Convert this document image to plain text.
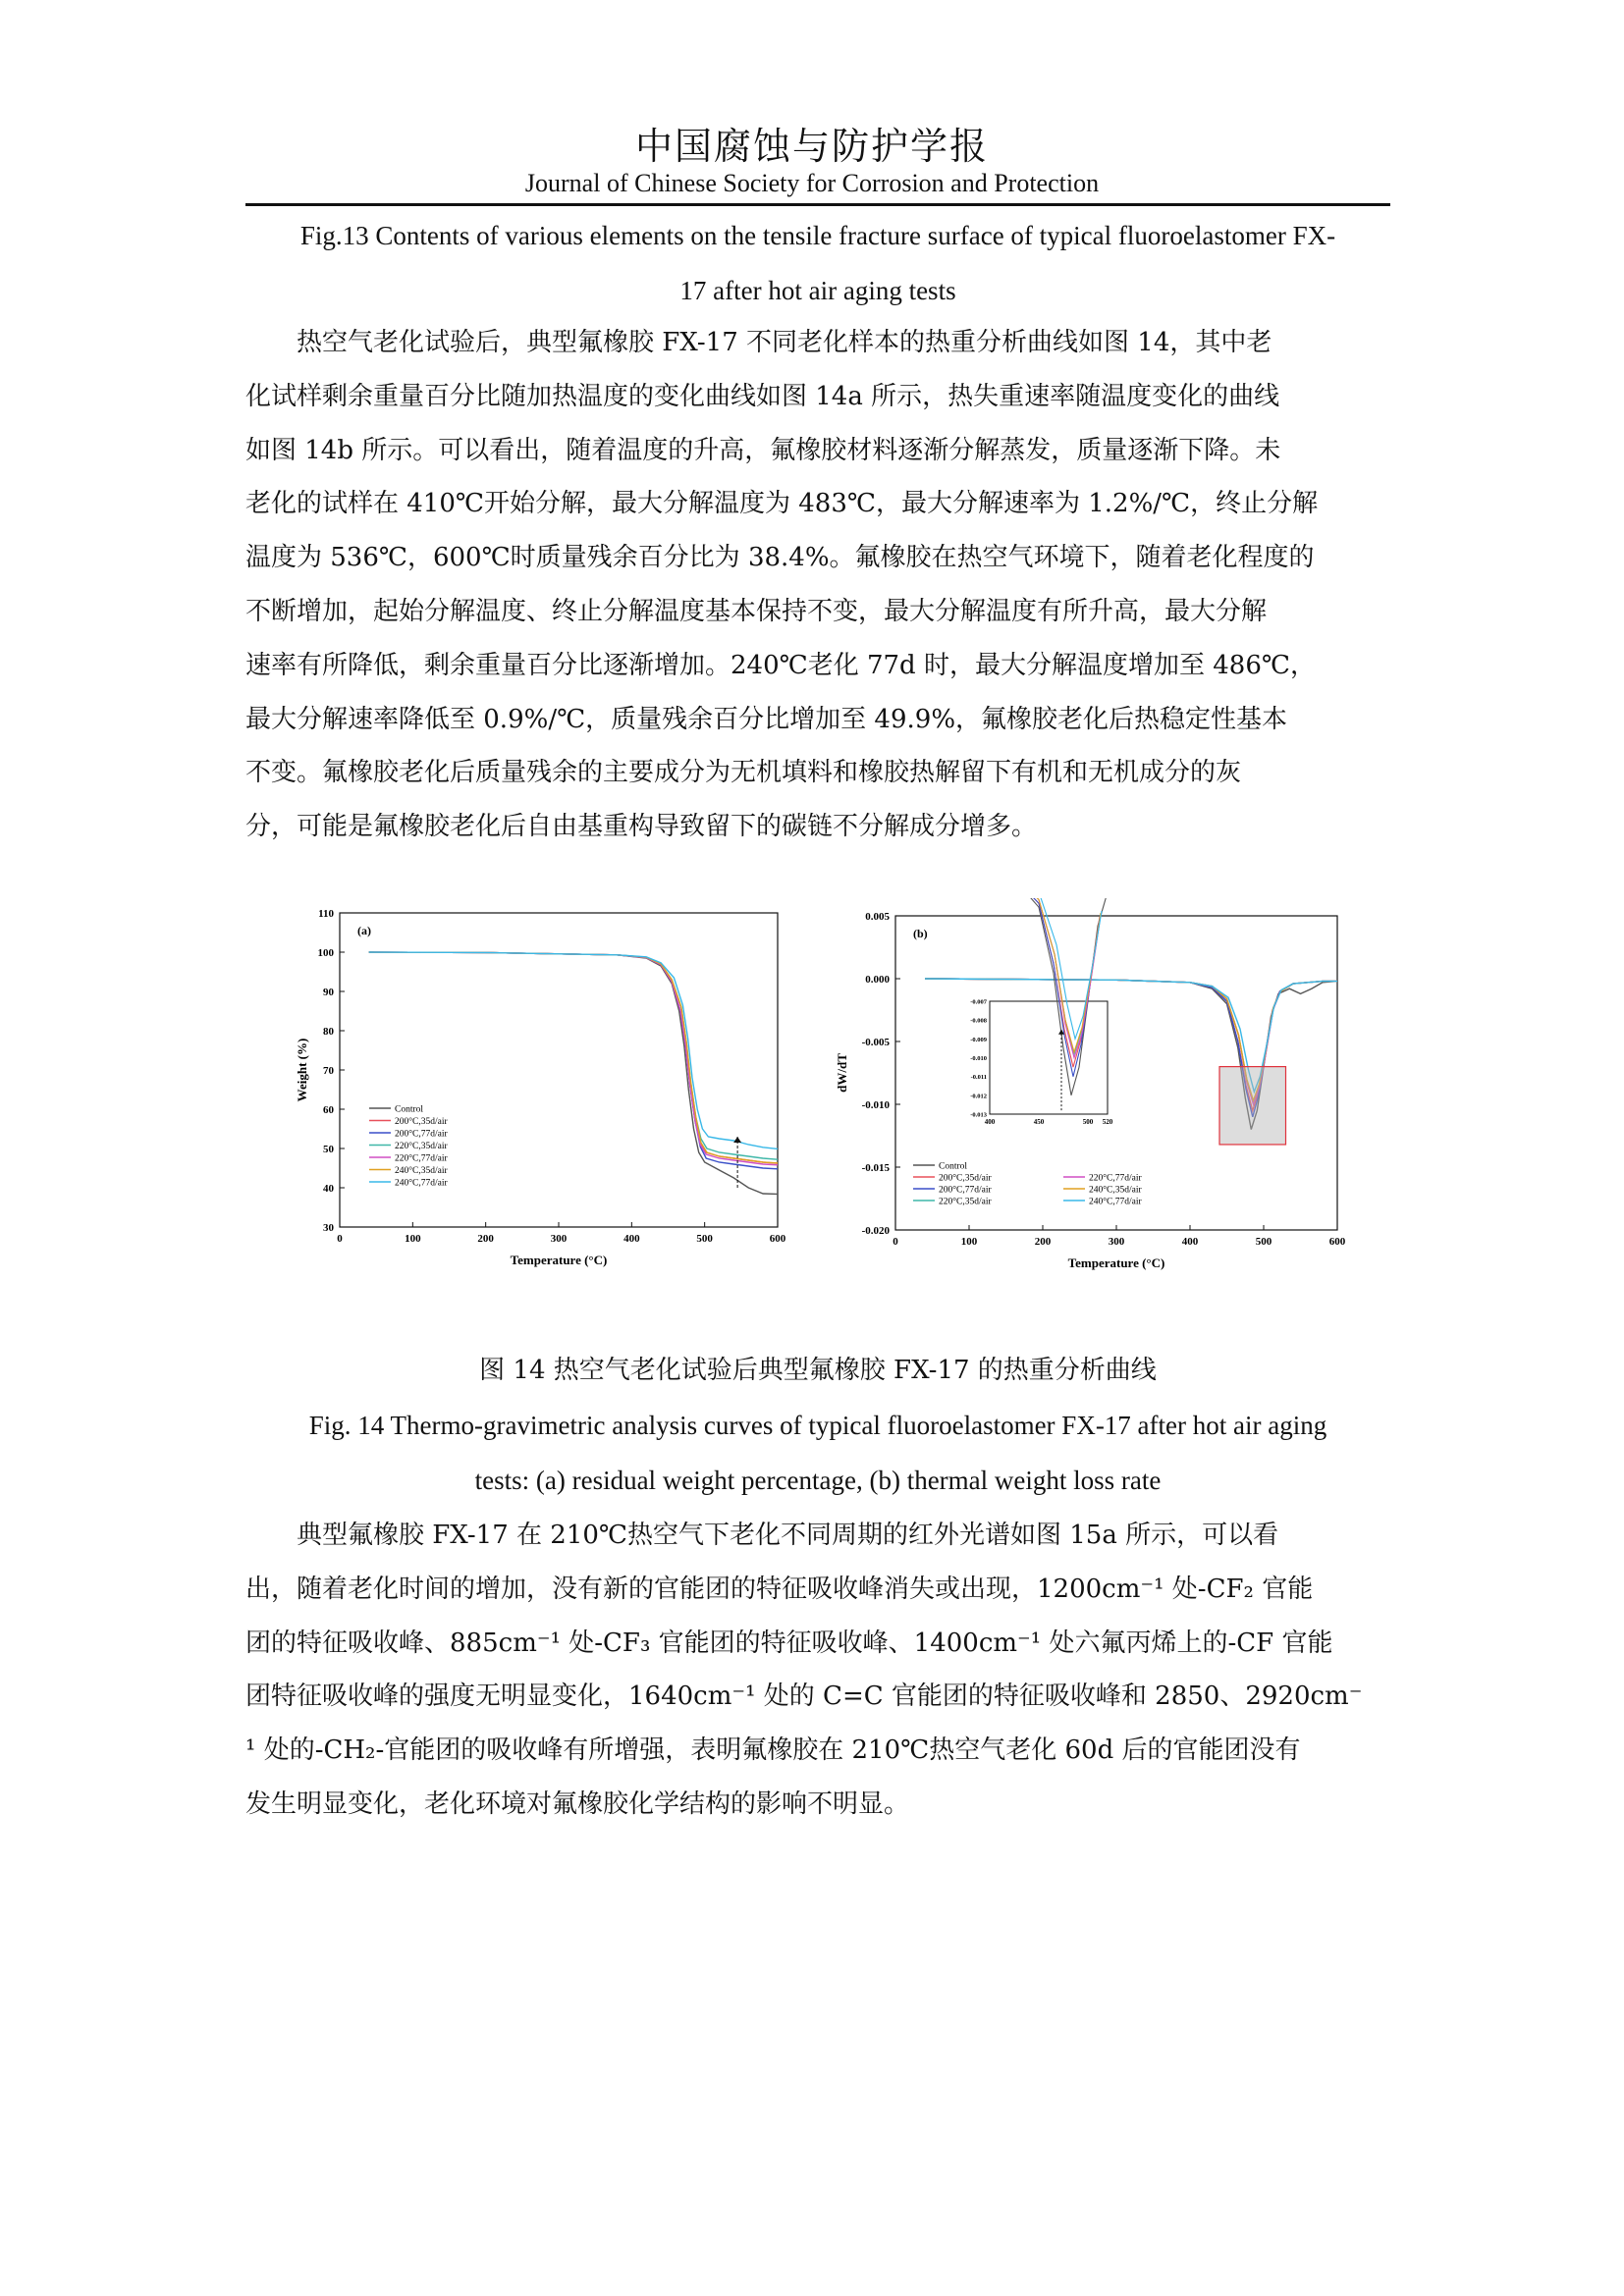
中国腐蚀与防护学报
Journal of Chinese Society for Corrosion and Protection
Fig.13 Contents of various elements on the tensile fracture surface of typical fluoroelastomer FX-
17 after hot air aging tests
　　热空气老化试验后，典型氟橡胶 FX-17 不同老化样本的热重分析曲线如图 14，其中老
化试样剩余重量百分比随加热温度的变化曲线如图 14a 所示，热失重速率随温度变化的曲线
如图 14b 所示。可以看出，随着温度的升高，氟橡胶材料逐渐分解蒸发，质量逐渐下降。未
老化的试样在 410℃开始分解，最大分解温度为 483℃，最大分解速率为 1.2%/℃，终止分解
温度为 536℃，600℃时质量残余百分比为 38.4%。氟橡胶在热空气环境下，随着老化程度的
不断增加，起始分解温度、终止分解温度基本保持不变，最大分解温度有所升高，最大分解
速率有所降低，剩余重量百分比逐渐增加。240℃老化 77d 时，最大分解温度增加至 486℃，
最大分解速率降低至 0.9%/℃，质量残余百分比增加至 49.9%，氟橡胶老化后热稳定性基本
不变。氟橡胶老化后质量残余的主要成分为无机填料和橡胶热解留下有机和无机成分的灰
分，可能是氟橡胶老化后自由基重构导致留下的碳链不分解成分增多。
0	100	200	300	400	500	600
30
40
50
60
70
80
90
100
110
Temperature (°C)
Weight (%)
(a)
Control
200°C,35d/air
200°C,77d/air
220°C,35d/air
220°C,77d/air
240°C,35d/air
240°C,77d/air
0	100	200	300	400	500	600
0.005
0.000
-0.005
-0.010
-0.015
-0.020
Temperature (°C)
dW/dT
(b)
400	450	500 520
-0.007
-0.008
-0.009
-0.010
-0.011
-0.012
-0.013
Control
200°C,35d/air
200°C,77d/air
220°C,35d/air
220°C,77d/air
240°C,35d/air
240°C,77d/air
图 14 热空气老化试验后典型氟橡胶 FX-17 的热重分析曲线
Fig. 14 Thermo-gravimetric analysis curves of typical fluoroelastomer FX-17 after hot air aging
tests: (a) residual weight percentage, (b) thermal weight loss rate
　　典型氟橡胶 FX-17 在 210℃热空气下老化不同周期的红外光谱如图 15a 所示，可以看
出，随着老化时间的增加，没有新的官能团的特征吸收峰消失或出现，1200cm⁻¹ 处-CF₂ 官能
团的特征吸收峰、885cm⁻¹ 处-CF₃ 官能团的特征吸收峰、1400cm⁻¹ 处六氟丙烯上的-CF 官能
团特征吸收峰的强度无明显变化，1640cm⁻¹ 处的 C=C 官能团的特征吸收峰和 2850、2920cm⁻
¹ 处的-CH₂-官能团的吸收峰有所增强，表明氟橡胶在 210℃热空气老化 60d 后的官能团没有
发生明显变化，老化环境对氟橡胶化学结构的影响不明显。
